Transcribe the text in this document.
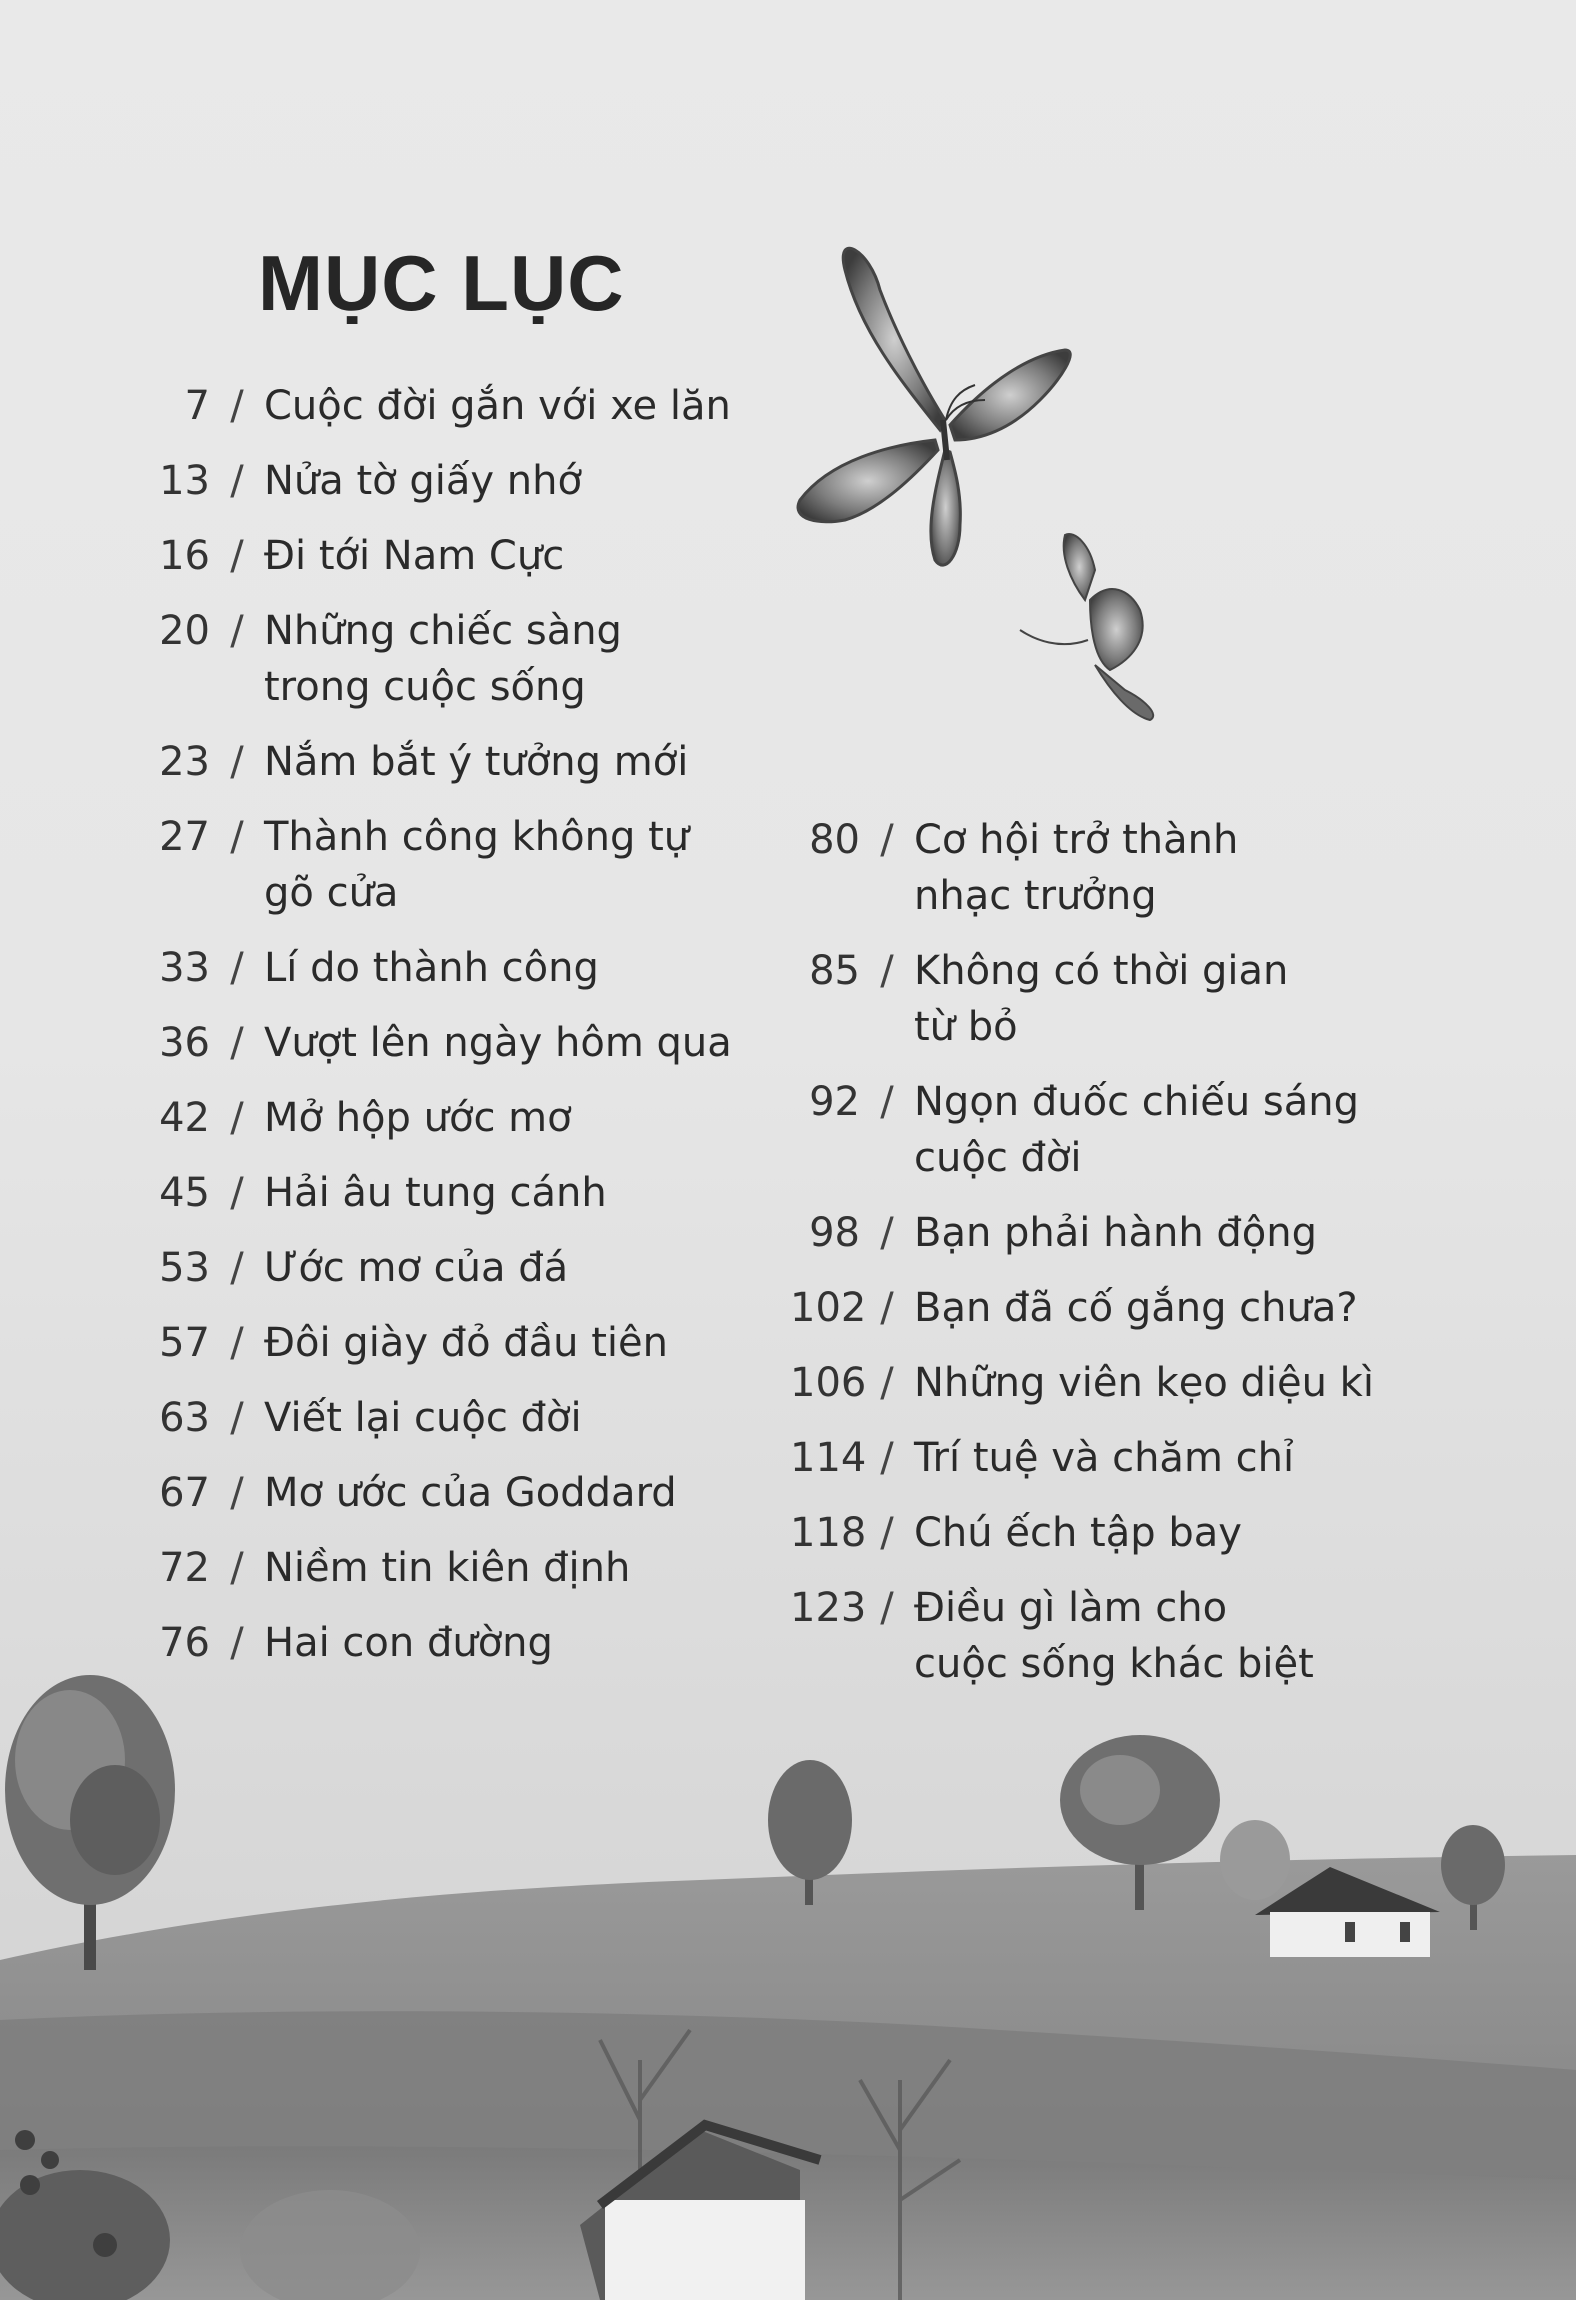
MỤC LỤC
7 / Cuộc đời gắn với xe lăn
13 / Nửa tờ giấy nhớ
16 / Đi tới Nam Cực
20 / Những chiếc sàng
trong cuộc sống
23 / Nắm bắt ý tưởng mới
27 / Thành công không tự
gõ cửa
33 / Lí do thành công
36 / Vượt lên ngày hôm qua
42 / Mở hộp ước mơ
45 / Hải âu tung cánh
53 / Ước mơ của đá
57 / Đôi giày đỏ đầu tiên
63 / Viết lại cuộc đời
67 / Mơ ước của Goddard
72 / Niềm tin kiên định
76 / Hai con đường
80 / Cơ hội trở thành
nhạc trưởng
85 / Không có thời gian
từ bỏ
92 / Ngọn đuốc chiếu sáng
cuộc đời
98 / Bạn phải hành động
102 / Bạn đã cố gắng chưa?
106 / Những viên kẹo diệu kì
114 / Trí tuệ và chăm chỉ
118 / Chú ếch tập bay
123 / Điều gì làm cho
cuộc sống khác biệt
